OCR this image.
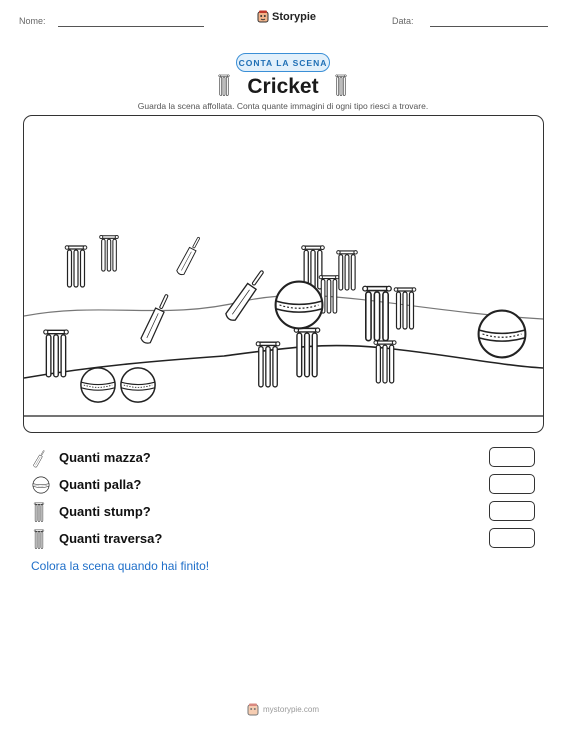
Nome:	Storypie	Data:
CONTA LA SCENA
Cricket
Guarda la scena affollata. Conta quante immagini di ogni tipo riesci a trovare.
Quanti mazza?
Quanti palla?
Quanti stump?
Quanti traversa?
Colora la scena quando hai finito!
mystorypie.com
